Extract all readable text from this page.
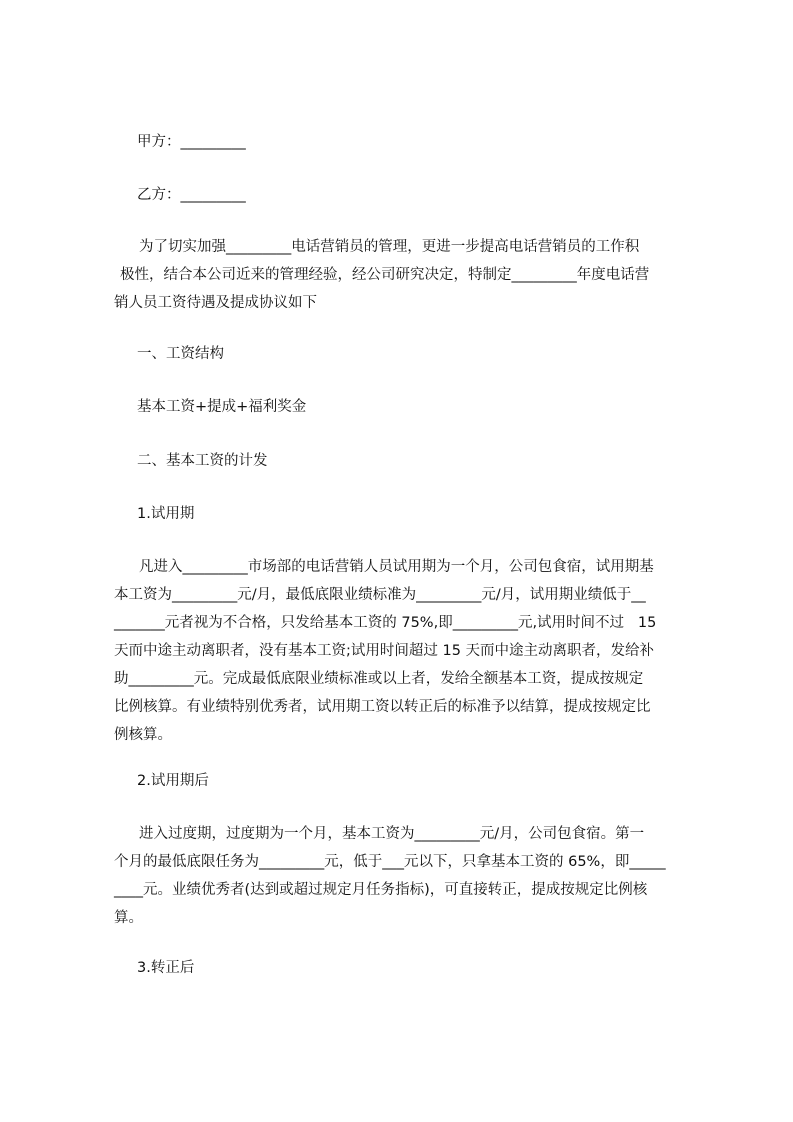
甲方：_________
乙方：_________
　　为了切实加强_________电话营销员的管理，更进一步提高电话营销员的工作积
极性，结合本公司近来的管理经验，经公司研究决定，特制定_________年度电话营
销人员工资待遇及提成协议如下
一、工资结构
基本工资+提成+福利奖金
二、基本工资的计发
1.试用期
　　凡进入_________市场部的电话营销人员试用期为一个月，公司包食宿，试用期基
本工资为_________元/月，最低底限业绩标准为_________元/月，试用期业绩低于__
_______元者视为不合格，只发给基本工资的 75%,即_________元,试用时间不过   15
天而中途主动离职者，没有基本工资;试用时间超过 15 天而中途主动离职者，发给补
助_________元。完成最低底限业绩标准或以上者，发给全额基本工资，提成按规定
比例核算。有业绩特别优秀者，试用期工资以转正后的标准予以结算，提成按规定比
例核算。
2.试用期后
　　进入过度期，过度期为一个月，基本工资为_________元/月，公司包食宿。第一
个月的最低底限任务为_________元，低于___元以下，只拿基本工资的 65%，即_____
____元。业绩优秀者(达到或超过规定月任务指标)，可直接转正，提成按规定比例核
算。
3.转正后
